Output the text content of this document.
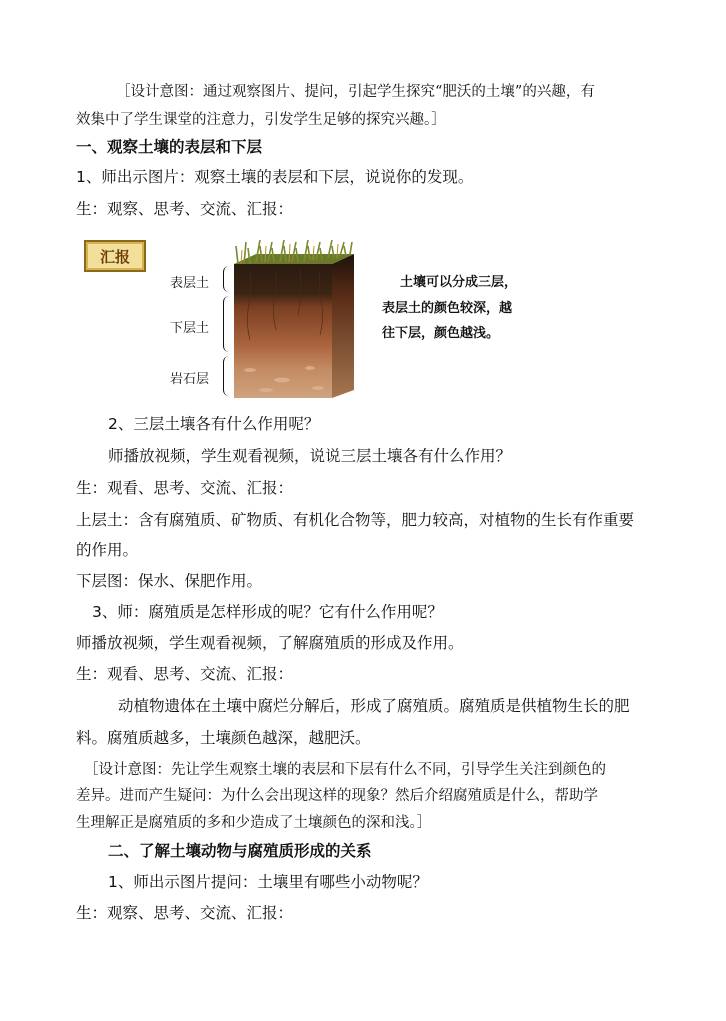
［设计意图：通过观察图片、提问，引起学生探究“肥沃的土壤”的兴趣，有
效集中了学生课堂的注意力，引发学生足够的探究兴趣。］
一、观察土壤的表层和下层
1、师出示图片：观察土壤的表层和下层，说说你的发现。
生：观察、思考、交流、汇报：
汇报
表层土
下层土
岩石层
土壤可以分成三层，
表层土的颜色较深，越
往下层，颜色越浅。
2、三层土壤各有什么作用呢？
师播放视频，学生观看视频，说说三层土壤各有什么作用？
生：观看、思考、交流、汇报：
上层土：含有腐殖质、矿物质、有机化合物等，肥力较高，对植物的生长有作重要
的作用。
下层图：保水、保肥作用。
3、师：腐殖质是怎样形成的呢？它有什么作用呢？
师播放视频，学生观看视频，了解腐殖质的形成及作用。
生：观看、思考、交流、汇报：
动植物遗体在土壤中腐烂分解后，形成了腐殖质。腐殖质是供植物生长的肥
料。腐殖质越多，土壤颜色越深，越肥沃。
［设计意图：先让学生观察土壤的表层和下层有什么不同，引导学生关注到颜色的
差异。进而产生疑问：为什么会出现这样的现象？然后介绍腐殖质是什么，帮助学
生理解正是腐殖质的多和少造成了土壤颜色的深和浅。］
二、了解土壤动物与腐殖质形成的关系
1、师出示图片提问：土壤里有哪些小动物呢？
生：观察、思考、交流、汇报：
